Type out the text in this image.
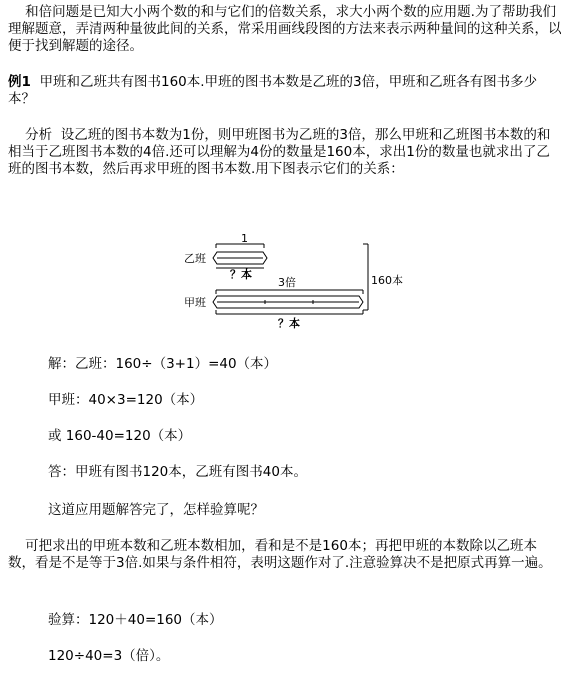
和倍问题是已知大小两个数的和与它们的倍数关系，求大小两个数的应用题.为了帮助我们理解题意，弄清两种量彼此间的关系，常采用画线段图的方法来表示两种量间的这种关系，以便于找到解题的途径。

例1  甲班和乙班共有图书160本.甲班的图书本数是乙班的3倍，甲班和乙班各有图书多少本？

分析  设乙班的图书本数为1份，则甲班图书为乙班的3倍，那么甲班和乙班图书本数的和相当于乙班图书本数的4倍.还可以理解为4份的数量是160本，求出1份的数量也就求出了乙班的图书本数，然后再求甲班的图书本数.用下图表示它们的关系：

乙班
1
？本
3倍
甲班
？本
160本
解：乙班：160÷（3+1）=40（本）
甲班：40×3=120（本）
或 160-40=120（本）
答：甲班有图书120本，乙班有图书40本。
这道应用题解答完了，怎样验算呢？

可把求出的甲班本数和乙班本数相加，看和是不是160本；再把甲班的本数除以乙班本数，看是不是等于3倍.如果与条件相符，表明这题作对了.注意验算决不是把原式再算一遍。

验算：120＋40=160（本）
120÷40=3（倍）。
